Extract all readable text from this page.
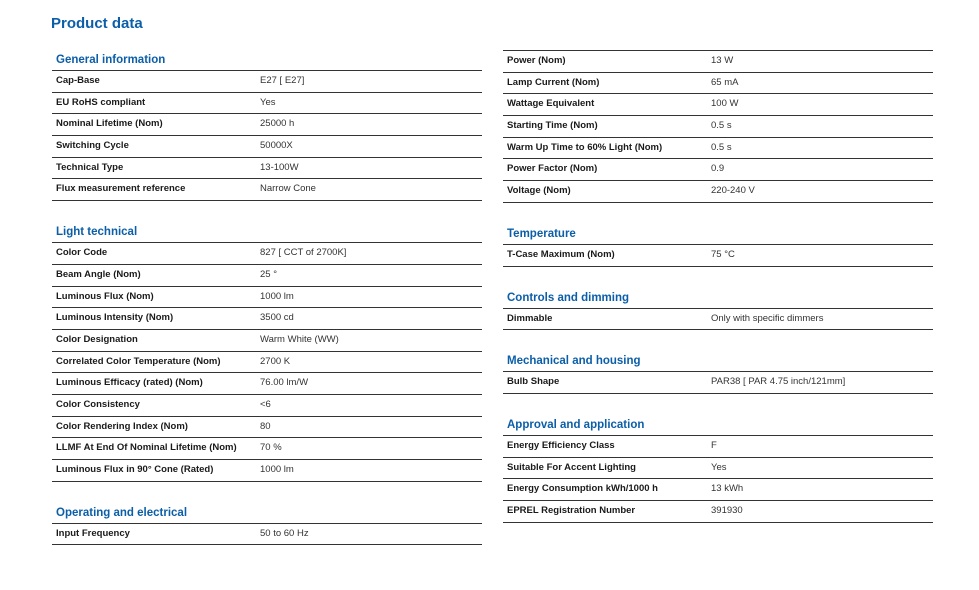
Product data
General information
Cap-Base	E27 [ E27]
EU RoHS compliant	Yes
Nominal Lifetime (Nom)	25000 h
Switching Cycle	50000X
Technical Type	13-100W
Flux measurement reference	Narrow Cone
Light technical
Color Code	827 [ CCT of 2700K]
Beam Angle (Nom)	25 °
Luminous Flux (Nom)	1000 lm
Luminous Intensity (Nom)	3500 cd
Color Designation	Warm White (WW)
Correlated Color Temperature (Nom)	2700 K
Luminous Efficacy (rated) (Nom)	76.00 lm/W
Color Consistency	<6
Color Rendering Index (Nom)	80
LLMF At End Of Nominal Lifetime (Nom)	70 %
Luminous Flux in 90° Cone (Rated)	1000 lm
Operating and electrical
Input Frequency	50 to 60 Hz
Power (Nom)	13 W
Lamp Current (Nom)	65 mA
Wattage Equivalent	100 W
Starting Time (Nom)	0.5 s
Warm Up Time to 60% Light (Nom)	0.5 s
Power Factor (Nom)	0.9
Voltage (Nom)	220-240 V
Temperature
T-Case Maximum (Nom)	75 °C
Controls and dimming
Dimmable	Only with specific dimmers
Mechanical and housing
Bulb Shape	PAR38 [ PAR 4.75 inch/121mm]
Approval and application
Energy Efficiency Class	F
Suitable For Accent Lighting	Yes
Energy Consumption kWh/1000 h	13 kWh
EPREL Registration Number	391930
